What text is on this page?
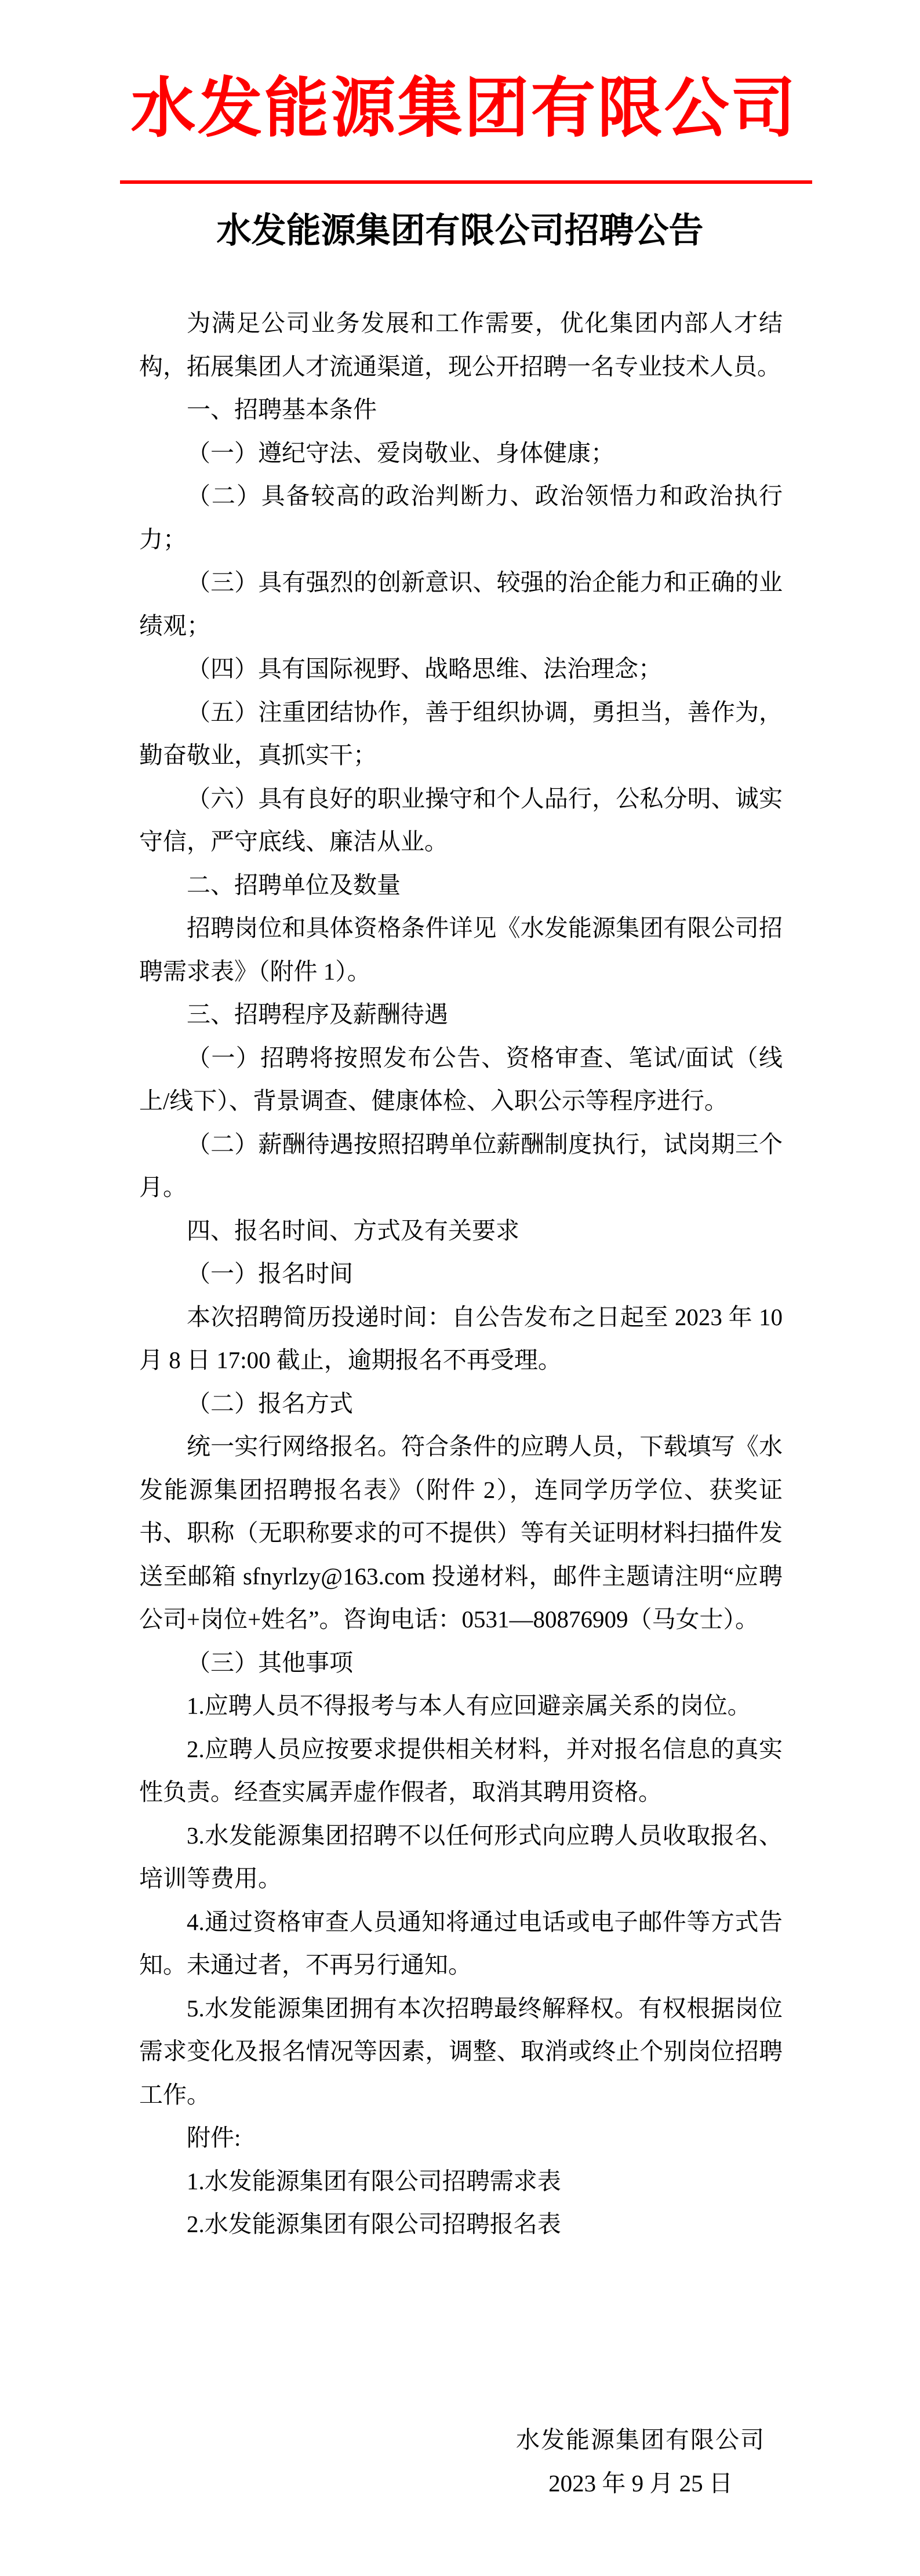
水发能源集团有限公司
水发能源集团有限公司招聘公告

为满足公司业务发展和工作需要，优化集团内部人才结构，拓展集团人才流通渠道，现公开招聘一名专业技术人员。

一、招聘基本条件

（一）遵纪守法、爱岗敬业、身体健康；

（二）具备较高的政治判断力、政治领悟力和政治执行力；

（三）具有强烈的创新意识、较强的治企能力和正确的业绩观；

（四）具有国际视野、战略思维、法治理念；

（五）注重团结协作，善于组织协调，勇担当，善作为，勤奋敬业，真抓实干；

（六）具有良好的职业操守和个人品行，公私分明、诚实守信，严守底线、廉洁从业。

二、招聘单位及数量

招聘岗位和具体资格条件详见《水发能源集团有限公司招聘需求表》（附件 1）。

三、招聘程序及薪酬待遇

（一）招聘将按照发布公告、资格审查、笔试/面试（线上/线下）、背景调查、健康体检、入职公示等程序进行。

（二）薪酬待遇按照招聘单位薪酬制度执行，试岗期三个月。

四、报名时间、方式及有关要求

（一）报名时间

本次招聘简历投递时间：自公告发布之日起至 2023 年 10 月 8 日 17:00 截止，逾期报名不再受理。

（二）报名方式

统一实行网络报名。符合条件的应聘人员，下载填写《水发能源集团招聘报名表》（附件 2），连同学历学位、获奖证书、职称（无职称要求的可不提供）等有关证明材料扫描件发送至邮箱 sfnyrlzy@163.com 投递材料，邮件主题请注明“应聘公司+岗位+姓名”。咨询电话：0531—80876909（马女士）。

（三）其他事项

1.应聘人员不得报考与本人有应回避亲属关系的岗位。

2.应聘人员应按要求提供相关材料，并对报名信息的真实性负责。经查实属弄虚作假者，取消其聘用资格。

3.水发能源集团招聘不以任何形式向应聘人员收取报名、培训等费用。

4.通过资格审查人员通知将通过电话或电子邮件等方式告知。未通过者，不再另行通知。

5.水发能源集团拥有本次招聘最终解释权。有权根据岗位需求变化及报名情况等因素，调整、取消或终止个别岗位招聘工作。

附件:

1.水发能源集团有限公司招聘需求表

2.水发能源集团有限公司招聘报名表

水发能源集团有限公司
2023 年 9 月 25 日
